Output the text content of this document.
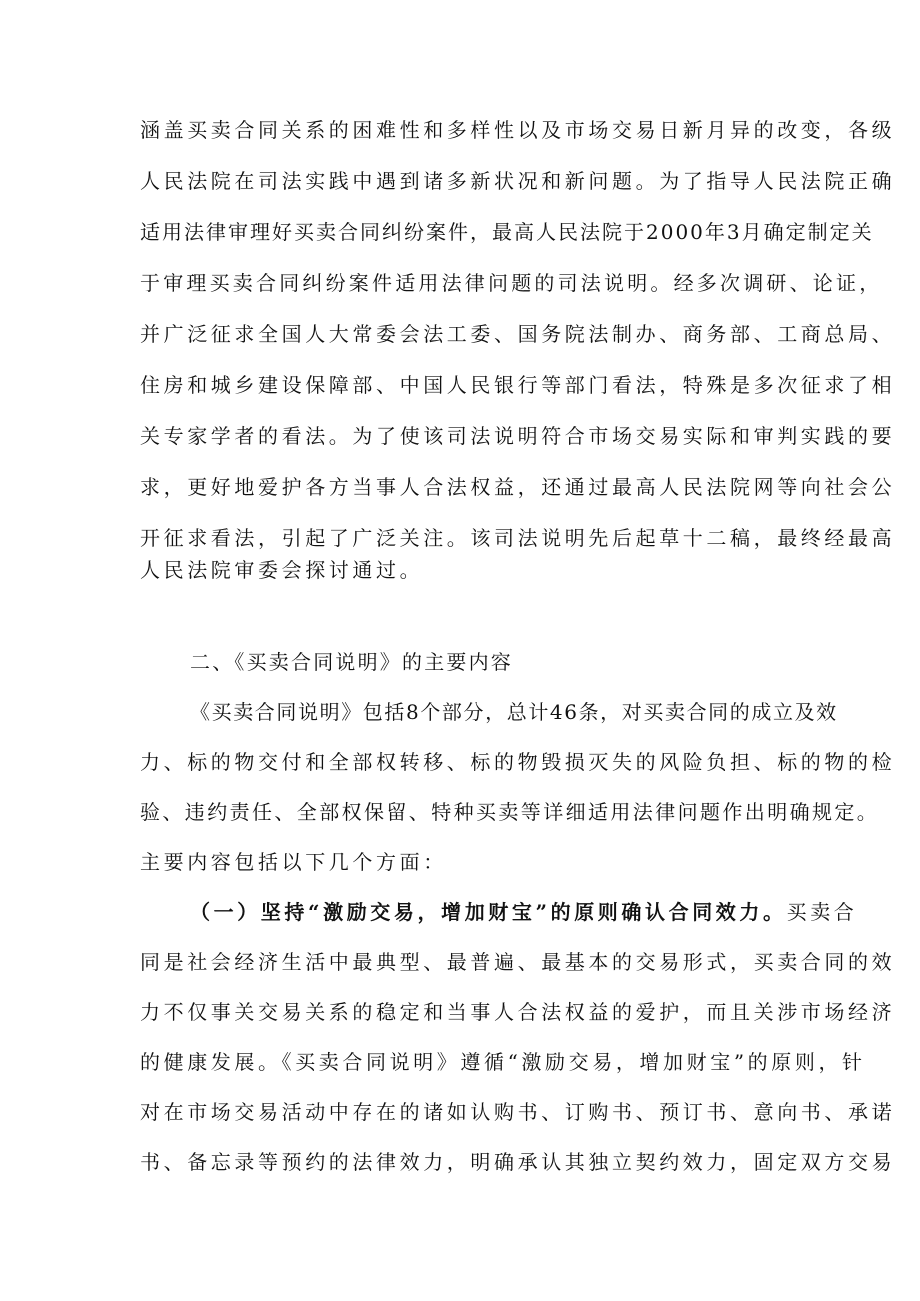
涵盖买卖合同关系的困难性和多样性以及市场交易日新月异的改变，各级
人民法院在司法实践中遇到诸多新状况和新问题。为了指导人民法院正确
适用法律审理好买卖合同纠纷案件，最高人民法院于2000年3月确定制定关
于审理买卖合同纠纷案件适用法律问题的司法说明。经多次调研、论证，
并广泛征求全国人大常委会法工委、国务院法制办、商务部、工商总局、
住房和城乡建设保障部、中国人民银行等部门看法，特殊是多次征求了相
关专家学者的看法。为了使该司法说明符合市场交易实际和审判实践的要
求，更好地爱护各方当事人合法权益，还通过最高人民法院网等向社会公
开征求看法，引起了广泛关注。该司法说明先后起草十二稿，最终经最高
人民法院审委会探讨通过。
二、《买卖合同说明》的主要内容
《买卖合同说明》包括8个部分，总计46条，对买卖合同的成立及效
力、标的物交付和全部权转移、标的物毁损灭失的风险负担、标的物的检
验、违约责任、全部权保留、特种买卖等详细适用法律问题作出明确规定。
主要内容包括以下几个方面：
（一）坚持“激励交易，增加财宝”的原则确认合同效力。买卖合
同是社会经济生活中最典型、最普遍、最基本的交易形式，买卖合同的效
力不仅事关交易关系的稳定和当事人合法权益的爱护，而且关涉市场经济
的健康发展。《买卖合同说明》遵循“激励交易，增加财宝”的原则，针
对在市场交易活动中存在的诸如认购书、订购书、预订书、意向书、承诺
书、备忘录等预约的法律效力，明确承认其独立契约效力，固定双方交易
